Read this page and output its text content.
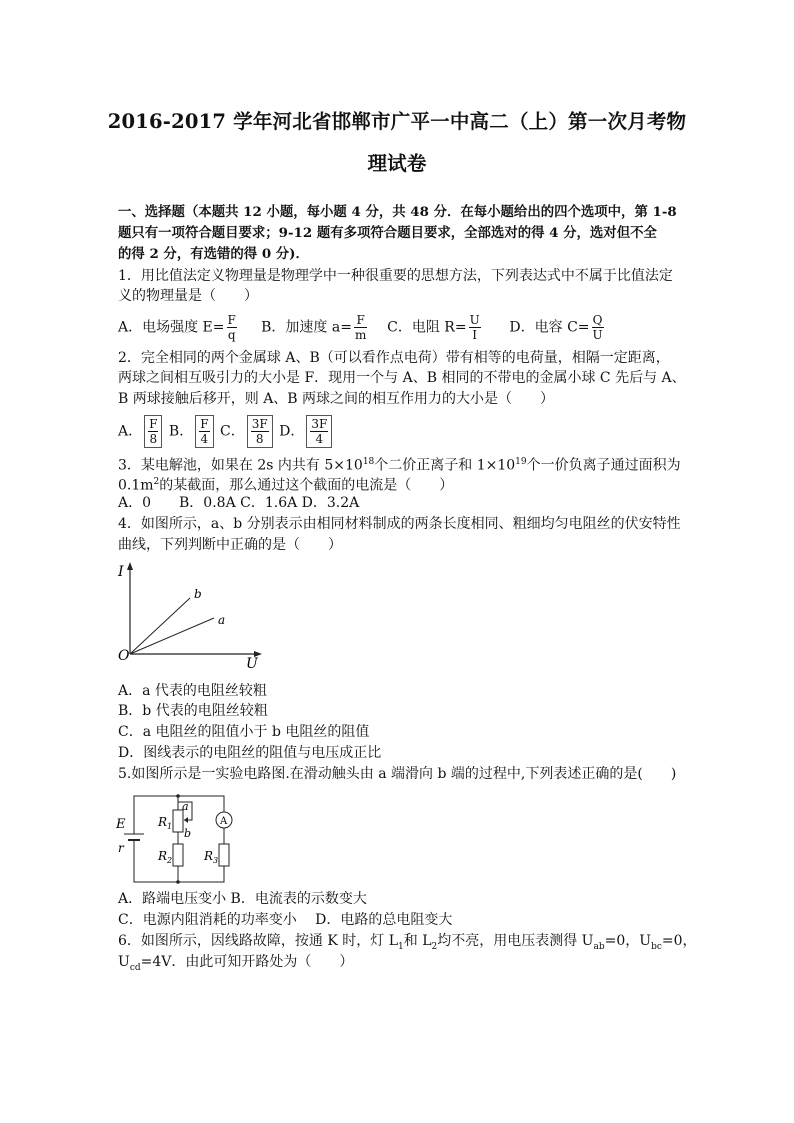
2016-2017 学年河北省邯郸市广平一中高二（上）第一次月考物
理试卷
一、选择题（本题共 12 小题，每小题 4 分，共 48 分．在每小题给出的四个选项中，第 1-8
题只有一项符合题目要求；9-12 题有多项符合题目要求，全部选对的得 4 分，选对但不全
的得 2 分，有选错的得 0 分)．
1．用比值法定义物理量是物理学中一种很重要的思想方法，下列表达式中不属于比值法定
义的物理量是（　　）
A．电场强度 $E= \frac{F}{q}$ B．加速度 $a= \frac{F}{m}$ C．电阻 $R= \frac{U}{I}$ D．电容 $C= \frac{Q}{U}$
2．完全相同的两个金属球 A、B（可以看作点电荷）带有相等的电荷量，相隔一定距离，
两球之间相互吸引力的大小是 F．现用一个与 A、B 相同的不带电的金属小球 C 先后与 A、
B 两球接触后移开，则 A、B 两球之间的相互作用力的大小是（　　）
A． $\frac{F}{8}$ B． $\frac{F}{4}$ C． $\frac{3F}{8}$ D． $\frac{3F}{4}$
3．某电解池，如果在 2s 内共有 $5\times 10^{18}$个二价正离子和 $1\times 10^{19}$个一价负离子通过面积为
$0.1m^2$的某截面，那么通过这个截面的电流是（　　）
A．0　　B．0.8A C．1.6A D．3.2A
4．如图所示，a、b 分别表示由相同材料制成的两条长度相同、粗细均匀电阻丝的伏安特性
曲线，下列判断中正确的是（　　）
I
U
O
b
a
A．a 代表的电阻丝较粗
B．b 代表的电阻丝较粗
C．a 电阻丝的阻值小于 b 电阻丝的阻值
D．图线表示的电阻丝的阻值与电压成正比
5.如图所示是一实验电路图.在滑动触头由 a 端滑向 b 端的过程中,下列表述正确的是(　　)
E
r
a
b
$R_1$
$R_2$	$R_3$
A
A．路端电压变小 B．电流表的示数变大
C．电源内阻消耗的功率变小　 D．电路的总电阻变大
6．如图所示，因线路故障，按通 K 时，灯 $L_1$和 $L_2$均不亮，用电压表测得 $U_{ab}=0$，$U_{bc}=0$，
$U_{cd}=4V$．由此可知开路处为（　　）
